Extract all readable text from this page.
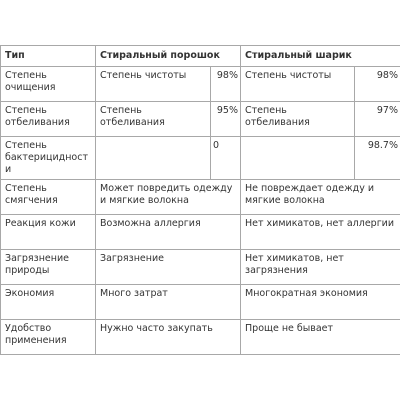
Тип	Стиральный порошок		Стиральный шарик	
Степень очищения	Степень чистоты	98%	Степень чистоты	98%
Степень отбеливания	Степень отбеливания	95%	Степень отбеливания	97%
Степень бактерицидности		0		98.7%
Степень смягчения	Может повредить одежду и мягкие волокна		Не повреждает одежду и мягкие волокна	
Реакция кожи	Возможна аллергия		Нет химикатов, нет аллергии	
Загрязнение природы	Загрязнение		Нет химикатов, нет загрязнения	
Экономия	Много затрат		Многократная экономия	
Удобство применения	Нужно часто закупать		Проще не бывает	
